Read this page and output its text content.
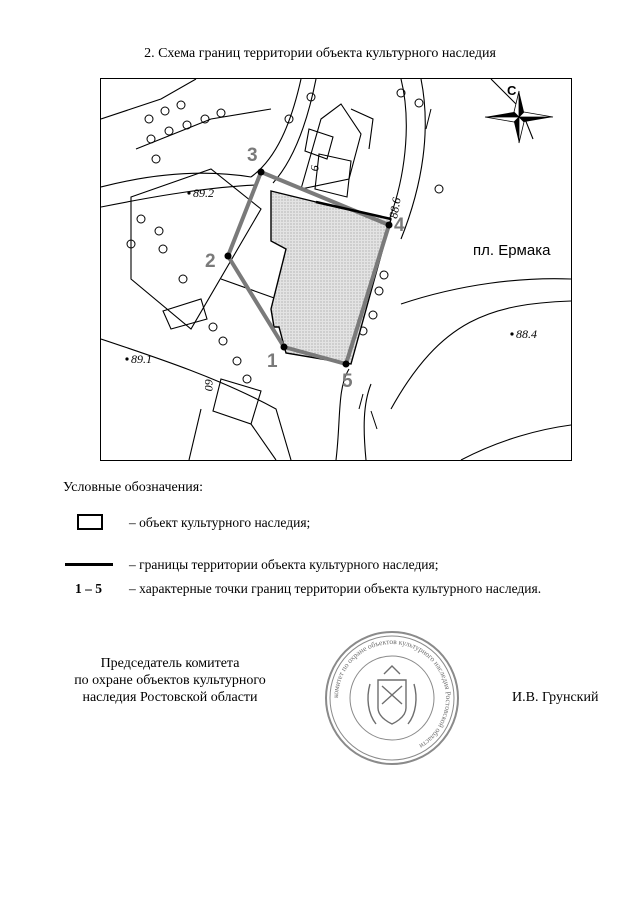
2. Схема границ территории объекта культурного наследия
1
2
3
4
5
89.2
89.1
88.4
88.6
9
60
пл. Ермака
С
Условные обозначения:
– объект культурного наследия;
– границы территории объекта культурного наследия;
1 – 5 – характерные точки границ территории объекта культурного наследия.
Председатель комитета
по охране объектов культурного
наследия Ростовской области	комитет по охране объектов культурного наследия Ростовской области
И.В. Грунский
